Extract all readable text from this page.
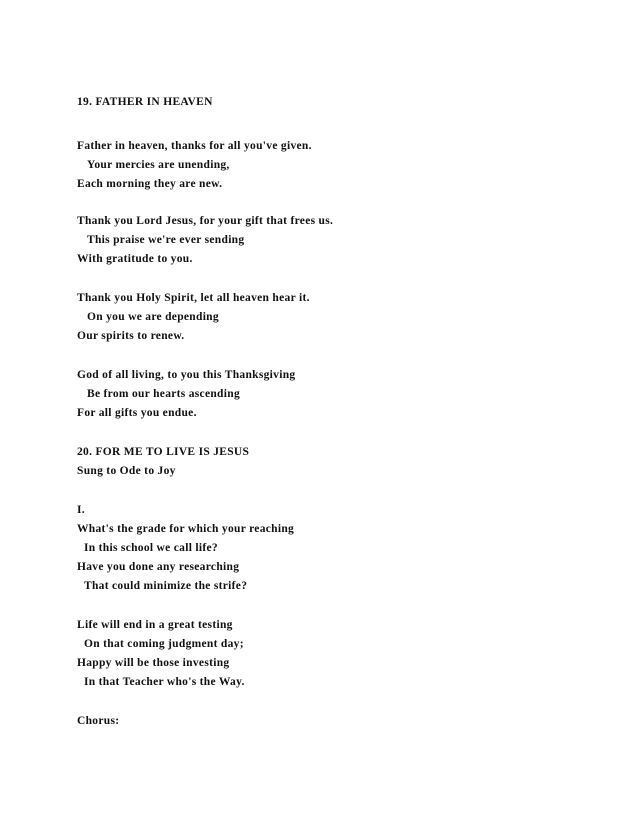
19. FATHER IN HEAVEN

Father in heaven, thanks for all you've given.

Your mercies are unending,

Each morning they are new.

Thank you Lord Jesus, for your gift that frees us.

This praise we're ever sending

With gratitude to you.

Thank you Holy Spirit, let all heaven hear it.

On you we are depending

Our spirits to renew.

God of all living, to you this Thanksgiving

Be from our hearts ascending

For all gifts you endue.

20. FOR ME TO LIVE IS JESUS

Sung to Ode to Joy

I.

What's the grade for which your reaching

In this school we call life?

Have you done any researching

That could minimize the strife?

Life will end in a great testing

On that coming judgment day;

Happy will be those investing

In that Teacher who's the Way.

Chorus:
